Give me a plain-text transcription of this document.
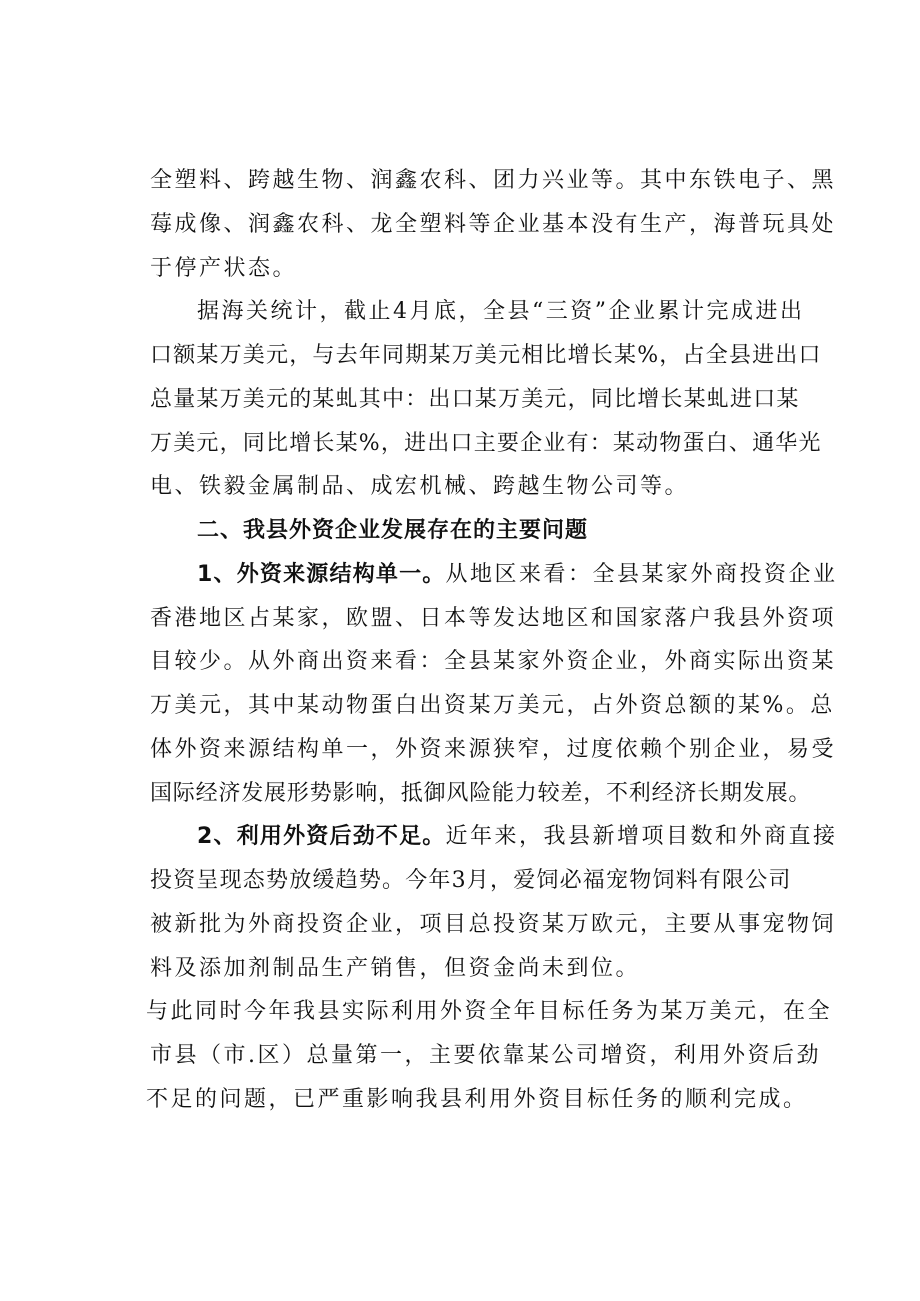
全塑料、跨越生物、润鑫农科、团力兴业等。其中东铁电子、黑

莓成像、润鑫农科、龙全塑料等企业基本没有生产，海普玩具处

于停产状态。

据海关统计，截止4月底，全县“三资”企业累计完成进出

口额某万美元，与去年同期某万美元相比增长某%，占全县进出口

总量某万美元的某虬其中：出口某万美元，同比增长某虬进口某

万美元，同比增长某%，进出口主要企业有：某动物蛋白、通华光

电、铁毅金属制品、成宏机械、跨越生物公司等。

二、我县外资企业发展存在的主要问题

1、外资来源结构单一。从地区来看：全县某家外商投资企业

香港地区占某家，欧盟、日本等发达地区和国家落户我县外资项

目较少。从外商出资来看：全县某家外资企业，外商实际出资某

万美元，其中某动物蛋白出资某万美元，占外资总额的某%。总

体外资来源结构单一，外资来源狭窄，过度依赖个别企业，易受

国际经济发展形势影响，抵御风险能力较差，不利经济长期发展。

2、利用外资后劲不足。近年来，我县新增项目数和外商直接

投资呈现态势放缓趋势。今年3月，爱饲必福宠物饲料有限公司

被新批为外商投资企业，项目总投资某万欧元，主要从事宠物饲

料及添加剂制品生产销售，但资金尚未到位。

与此同时今年我县实际利用外资全年目标任务为某万美元，在全

市县（市.区）总量第一，主要依靠某公司增资，利用外资后劲

不足的问题，已严重影响我县利用外资目标任务的顺利完成。
